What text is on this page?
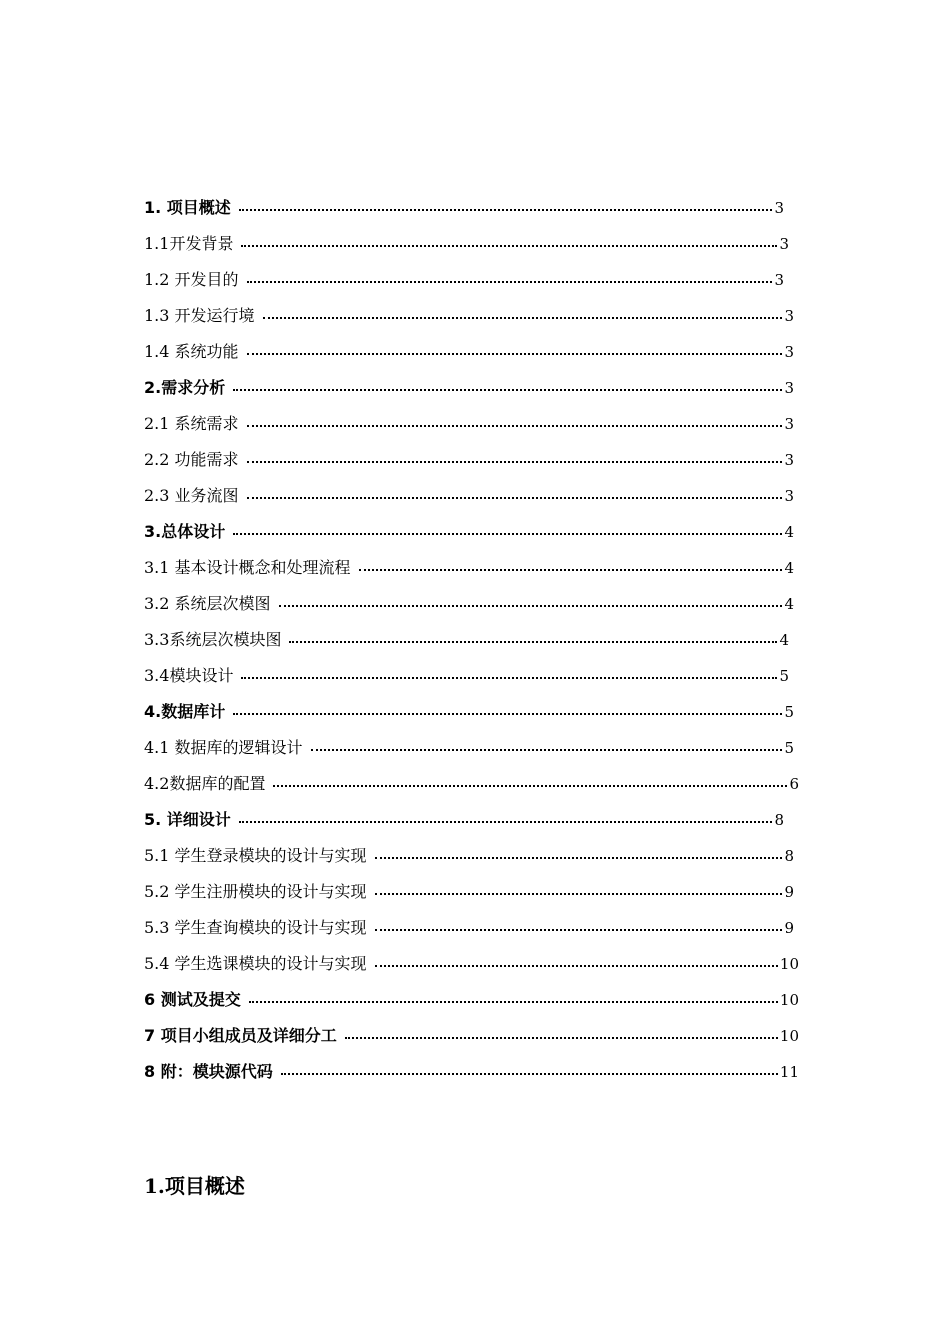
1. 项目概述	3
1.1开发背景	3
1.2 开发目的	3
1.3 开发运行境	3
1.4 系统功能	3
2.需求分析	3
2.1 系统需求	3
2.2 功能需求	3
2.3 业务流图	3
3.总体设计	4
3.1 基本设计概念和处理流程	4
3.2 系统层次模图	4
3.3系统层次模块图	4
3.4模块设计	5
4.数据库计	5
4.1 数据库的逻辑设计	5
4.2数据库的配置	6
5. 详细设计	8
5.1 学生登录模块的设计与实现	8
5.2 学生注册模块的设计与实现	9
5.3 学生查询模块的设计与实现	9
5.4 学生选课模块的设计与实现	10
6 测试及提交	10
7 项目小组成员及详细分工	10
8 附：模块源代码	11
1.项目概述
